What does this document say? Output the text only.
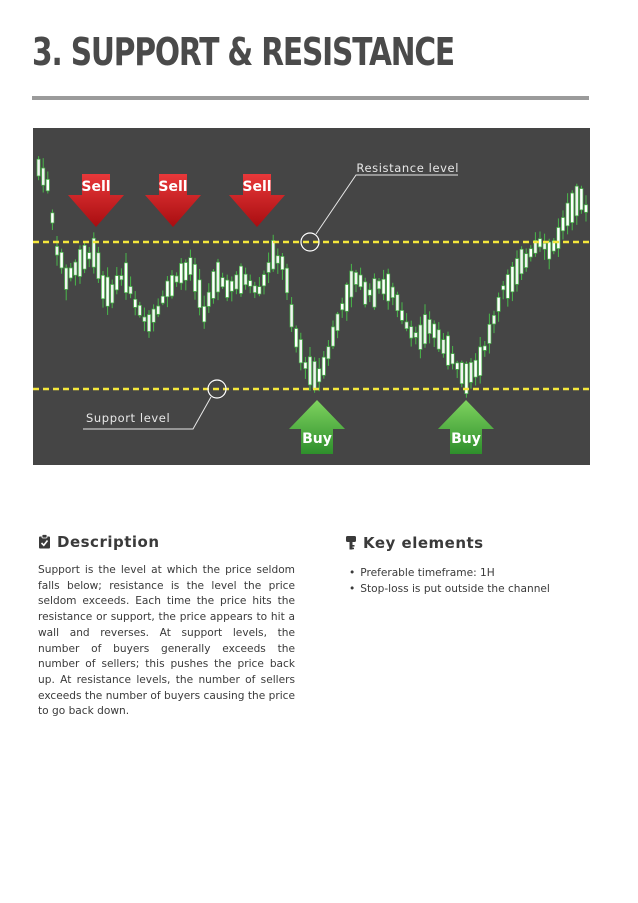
3. SUPPORT & RESISTANCE
Resistance level
Support level
Sell	Sell	Sell
Buy	Buy
Description
Support is the level at which the price seldom falls below; resistance is the level the price seldom exceeds. Each time the price hits the resistance or support, the price appears to hit a wall and reverses. At support levels, the number of buyers generally exceeds the number of sellers; this pushes the price back up. At resistance levels, the number of sellers exceeds the number of buyers causing the price to go back down.
Key elements
• Preferable timeframe: 1H
• Stop-loss is put outside the channel
